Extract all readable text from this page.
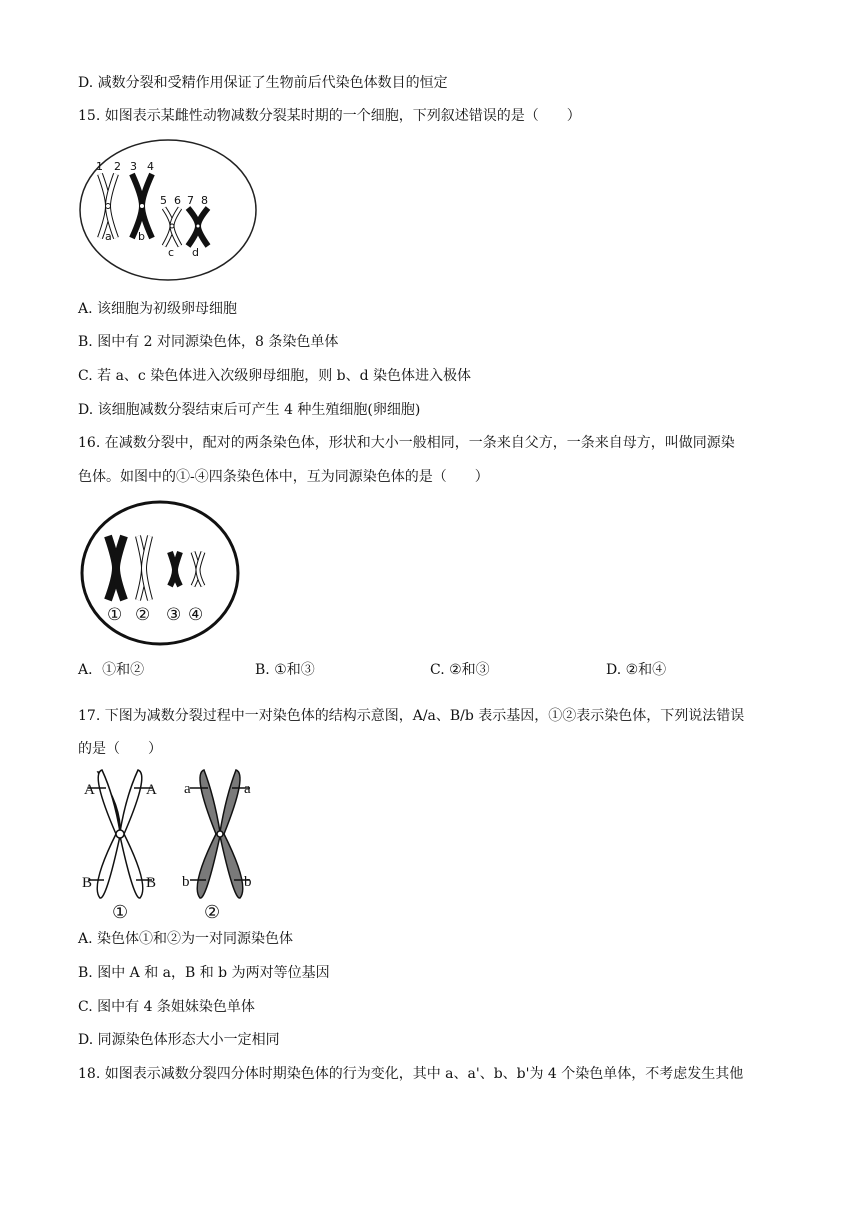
D. 减数分裂和受精作用保证了生物前后代染色体数目的恒定
15. 如图表示某雌性动物减数分裂某时期的一个细胞，下列叙述错误的是（　　）
1 2 3 4
5 6 7 8
a b
c d
A. 该细胞为初级卵母细胞
B. 图中有 2 对同源染色体，8 条染色单体
C. 若 a、c 染色体进入次级卵母细胞，则 b、d 染色体进入极体
D. 该细胞减数分裂结束后可产生 4 种生殖细胞(卵细胞)
16. 在减数分裂中，配对的两条染色体，形状和大小一般相同，一条来自父方，一条来自母方，叫做同源染
色体。如图中的①-④四条染色体中，互为同源染色体的是（　　）
① ② ③ ④
A．①和②	B. ①和③	C. ②和③	D. ②和④
17. 下图为减数分裂过程中一对染色体的结构示意图，A/a、B/b 表示基因，①②表示染色体，下列说法错误
的是（　　）
A	A
B	B
a	a
b	b
①	②
A. 染色体①和②为一对同源染色体
B. 图中 A 和 a，B 和 b 为两对等位基因
C. 图中有 4 条姐妹染色单体
D. 同源染色体形态大小一定相同
18. 如图表示减数分裂四分体时期染色体的行为变化，其中 a、a'、b、b'为 4 个染色单体，不考虑发生其他
